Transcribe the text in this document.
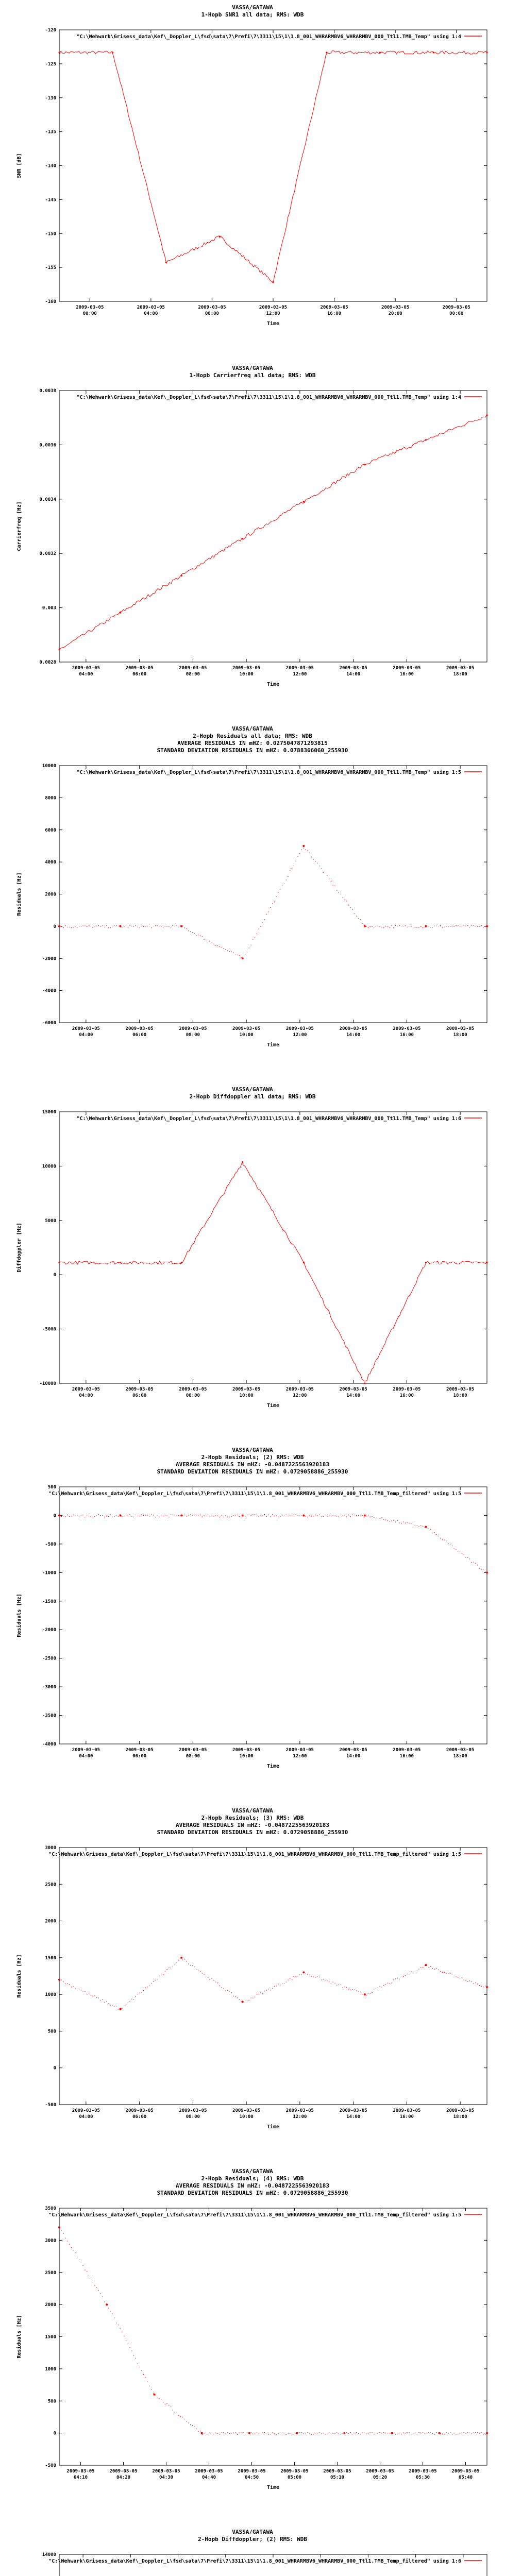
VASSA/GATAWA
1-Hopb SNR1 all data; RMS: WDB
-120
-125
-130
-135
-140
-145
-150
-155
-160
2009-03-05
00:00
2009-03-05
04:00
2009-03-05
08:00
2009-03-05
12:00
2009-03-05
16:00
2009-03-05
20:00
2009-03-05
00:00
Time
SNR [dB]
"C:\Wehwark\Grisess_data\Kef\_Doppler_L\fsd\sata\7\Prefi\7\3311\15\1\1.8_001_WHRARMBV6_WHRARMBV_000_Ttl1.TMB_Temp" using 1:4
VASSA/GATAWA
1-Hopb Carrierfreq all data; RMS: WDB
0.0038
0.0036
0.0034
0.0032
0.003
0.0028
2009-03-05
04:00
2009-03-05
06:00
2009-03-05
08:00
2009-03-05
10:00
2009-03-05
12:00
2009-03-05
14:00
2009-03-05
16:00
2009-03-05
18:00
Time
Carrierfreq [Hz]
"C:\Wehwark\Grisess_data\Kef\_Doppler_L\fsd\sata\7\Prefi\7\3311\15\1\1.8_001_WHRARMBV6_WHRARMBV_000_Ttl1.TMB_Temp" using 1:4
VASSA/GATAWA
2-Hopb Residuals all data; RMS: WDB
AVERAGE RESIDUALS IN mHZ: 0.0275047871293815
STANDARD DEVIATION RESIDUALS IN mHZ: 0.0788366060_255930
10000
8000
6000
4000
2000
0
-2000
-4000
-6000
2009-03-05
04:00
2009-03-05
06:00
2009-03-05
08:00
2009-03-05
10:00
2009-03-05
12:00
2009-03-05
14:00
2009-03-05
16:00
2009-03-05
18:00
Time
Residuals [Hz]
"C:\Wehwark\Grisess_data\Kef\_Doppler_L\fsd\sata\7\Prefi\7\3311\15\1\1.8_001_WHRARMBV6_WHRARMBV_000_Ttl1.TMB_Temp" using 1:5
VASSA/GATAWA
2-Hopb Diffdoppler all data; RMS: WDB
15000
10000
5000
0
-5000
-10000
2009-03-05
04:00
2009-03-05
06:00
2009-03-05
08:00
2009-03-05
10:00
2009-03-05
12:00
2009-03-05
14:00
2009-03-05
16:00
2009-03-05
18:00
Time
Diffdoppler [Hz]
"C:\Wehwark\Grisess_data\Kef\_Doppler_L\fsd\sata\7\Prefi\7\3311\15\1\1.8_001_WHRARMBV6_WHRARMBV_000_Ttl1.TMB_Temp" using 1:6
VASSA/GATAWA
2-Hopb Residuals; (2) RMS: WDB
AVERAGE RESIDUALS IN mHZ: -0.0487225563920183
STANDARD DEVIATION RESIDUALS IN mHZ: 0.0729058886_255930
500
0
-500
-1000
-1500
-2000
-2500
-3000
-3500
-4000
2009-03-05
04:00
2009-03-05
06:00
2009-03-05
08:00
2009-03-05
10:00
2009-03-05
12:00
2009-03-05
14:00
2009-03-05
16:00
2009-03-05
18:00
Time
Residuals [Hz]
"C:\Wehwark\Grisess_data\Kef\_Doppler_L\fsd\sata\7\Prefi\7\3311\15\1\1.8_001_WHRARMBV6_WHRARMBV_000_Ttl1.TMB_Temp_filtered" using 1:5
VASSA/GATAWA
2-Hopb Residuals; (3) RMS: WDB
AVERAGE RESIDUALS IN mHZ: -0.0487225563920183
STANDARD DEVIATION RESIDUALS IN mHZ: 0.0729058886_255930
3000
2500
2000
1500
1000
500
0
-500
2009-03-05
04:00
2009-03-05
06:00
2009-03-05
08:00
2009-03-05
10:00
2009-03-05
12:00
2009-03-05
14:00
2009-03-05
16:00
2009-03-05
18:00
Time
Residuals [Hz]
"C:\Wehwark\Grisess_data\Kef\_Doppler_L\fsd\sata\7\Prefi\7\3311\15\1\1.8_001_WHRARMBV6_WHRARMBV_000_Ttl1.TMB_Temp_filtered" using 1:5
VASSA/GATAWA
2-Hopb Residuals; (4) RMS: WDB
AVERAGE RESIDUALS IN mHZ: -0.0487225563920183
STANDARD DEVIATION RESIDUALS IN mHZ: 0.0729058886_255930
3500
3000
2500
2000
1500
1000
500
0
-500
2009-03-05
04:10
2009-03-05
04:20
2009-03-05
04:30
2009-03-05
04:40
2009-03-05
04:50
2009-03-05
05:00
2009-03-05
05:10
2009-03-05
05:20
2009-03-05
05:30
2009-03-05
05:40
Time
Residuals [Hz]
"C:\Wehwark\Grisess_data\Kef\_Doppler_L\fsd\sata\7\Prefi\7\3311\15\1\1.8_001_WHRARMBV6_WHRARMBV_000_Ttl1.TMB_Temp_filtered" using 1:5
VASSA/GATAWA
2-Hopb Diffdoppler; (2) RMS: WDB
14000
"C:\Wehwark\Grisess_data\Kef\_Doppler_L\fsd\sata\7\Prefi\7\3311\15\1\1.8_001_WHRARMBV6_WHRARMBV_000_Ttl1.TMB_Temp_filtered" using 1:6
